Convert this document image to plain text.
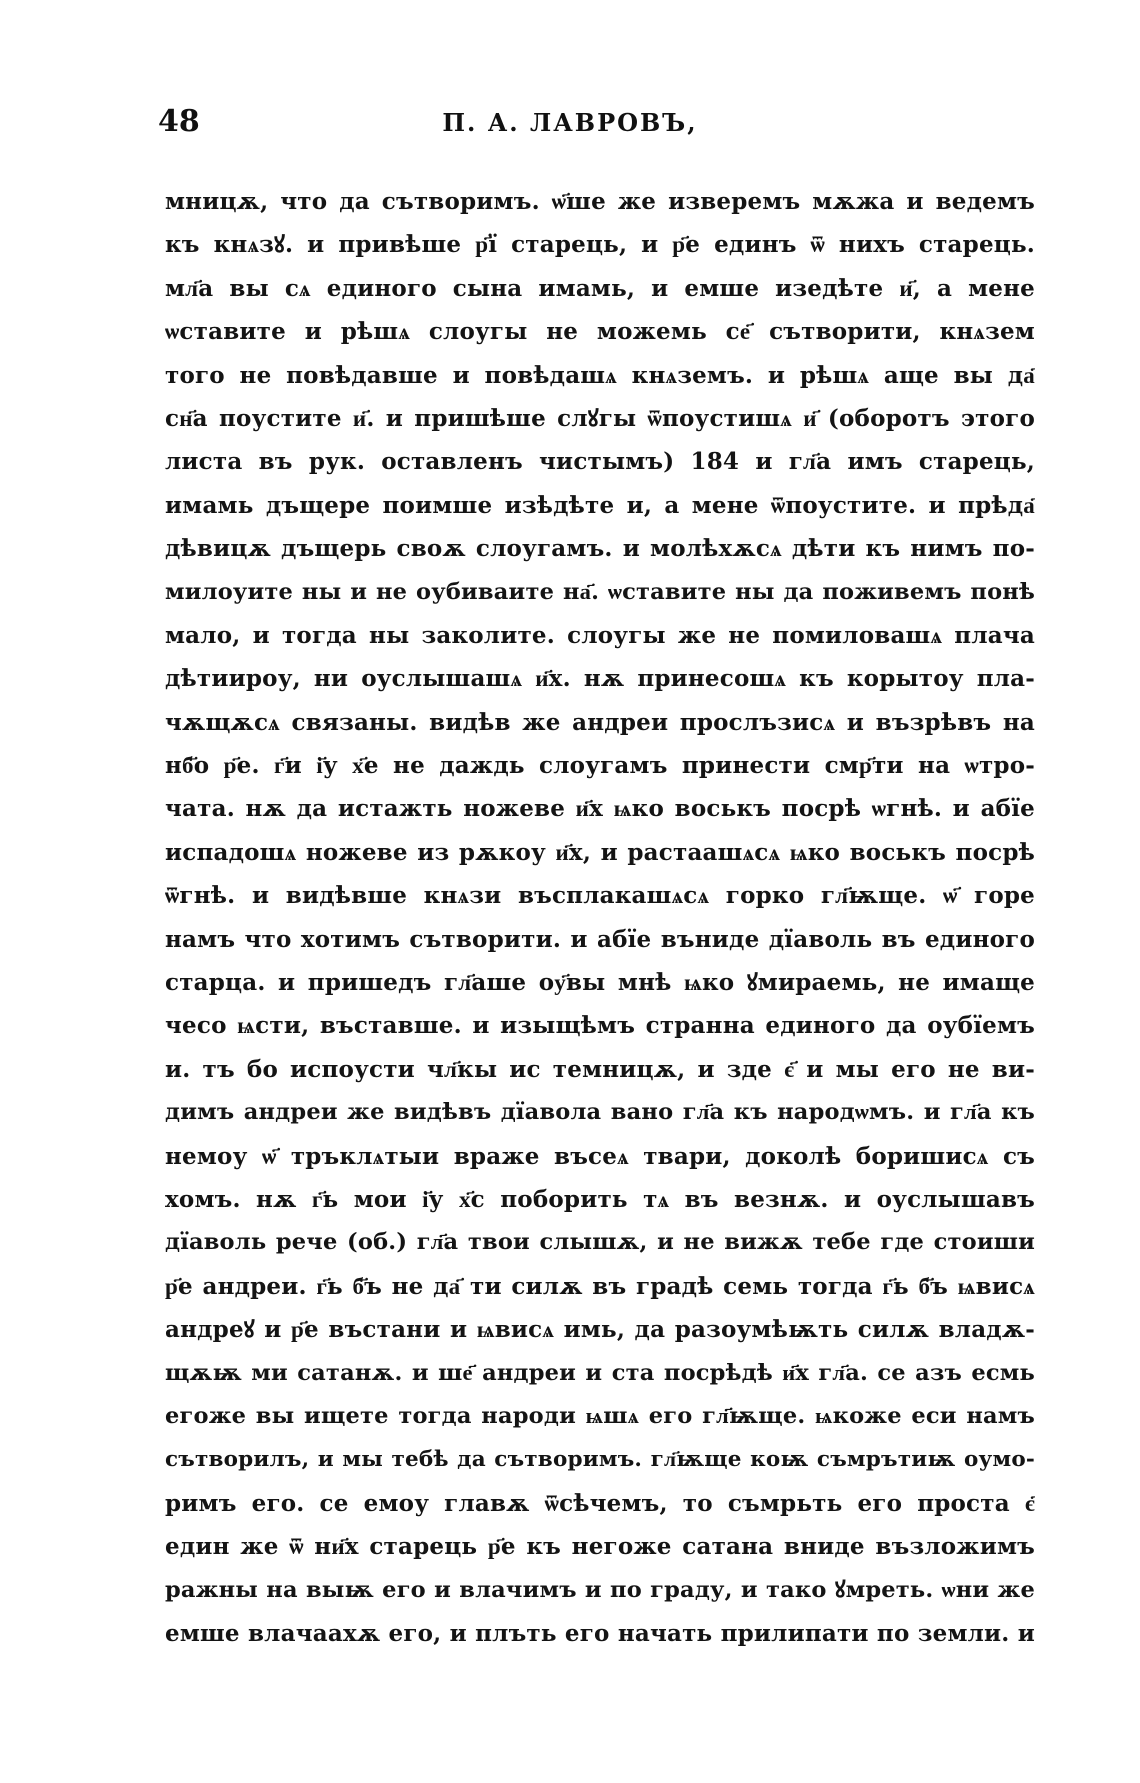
48	П. А. ЛАВРОВЪ,
мницѫ, что да сътворимъ. ѡ҃ше же изверемъ мѫжа и ведемъ
къ кнѧзꙋ. и привѣше р҃ї старець, и р҃е единъ ѿ нихъ старець.
мл҃а вы сѧ единого сына имамь, и емше изедѣте и҃, а мене
ѡставите и рѣшѧ слоугы не можемь се҃ сътворити, кнѧзем
того не повѣдавше и повѣдашѧ кнѧземъ. и рѣшѧ аще вы да҃
сн҃а поустите и҃. и пришѣше слꙋгы ѿпоустишѧ и҃ (оборотъ этого
листа въ рук. оставленъ чистымъ) 184 и гл҃а имъ старець,
имамь дъщере поимше изѣдѣте и, а мене ѿпоустите. и прѣда҃
дѣвицѫ дъщерь своѫ слоугамъ. и молѣхѫсѧ дѣти къ нимъ по-
милоуите ны и не оубиваите на҃. ѡставите ны да поживемъ понѣ
мало, и тогда ны заколите. слоугы же не помиловашѧ плача
дѣтиироу, ни оуслышашѧ и҃х. нѫ принесошѧ къ корытоу пла-
чѫщѫсѧ связаны. видѣв же андреи прослъзисѧ и възрѣвъ на
нб҃о р҃е. г҃и і҃у х҃е не даждь слоугамъ принести смр҃ти на ѡтро-
чата. нѫ да истажть ножеве и҃х ѩко воськъ посрѣ ѡгнѣ. и абїе
испадошѧ ножеве из рѫкоу и҃х, и растаашѧсѧ ѩко воськъ посрѣ
ѿгнѣ. и видѣвше кнѧзи въсплакашѧсѧ горко гл҃ѭще. ѡ҃ горе
намъ что хотимъ сътворити. и абїе въниде дїаволь въ единого
старца. и пришедъ гл҃аше оу҃вы мнѣ ѩко ꙋмираемь, не имаще
чесо ѩсти, въставше. и изыщѣмъ странна единого да оубїемъ
и. тъ бо испоусти чл҃кы ис темницѫ, и зде є҃ и мы его не ви-
димъ андреи же видѣвъ дїавола вано гл҃а къ народѡмъ. и гл҃а къ
немоу ѡ҃ тръклѧтыи враже въсеѧ твари, доколѣ боришисѧ съ
хомъ. нѫ г҃ь мои і҃у х҃с поборить тѧ въ везнѫ. и оуслышавъ
дїаволь рече (об.) гл҃а твои слышѫ, и не вижѫ тебе где стоиши
р҃е андреи. г҃ь б҃ъ не да҃ ти силѫ въ градѣ семь тогда г҃ь б҃ъ ѩвисѧ
андреꙋ и р҃е въстани и ѩвисѧ имь, да разоумѣѭть силѫ владѫ-
щѫѭ ми сатанѫ. и ше҃ андреи и ста посрѣдѣ и҃х гл҃а. се азъ есмь
егоже вы ищете тогда народи ѩшѧ его гл҃ѭще. ѩкоже еси намъ
сътворилъ, и мы тебѣ да сътворимъ. гл҃ѭще коѭ съмрътиѭ оумо-
римъ его. се емоу главѫ ѿсѣчемъ, то съмрьть его проста є҃
един же ѿ ни҃х старець р҃е къ негоже сатана вниде възложимъ
ражны на выѭ его и влачимъ и по граду, и тако ꙋмреть. ѡни же
емше влачаахѫ его, и плъть его начать прилипати по земли. и
